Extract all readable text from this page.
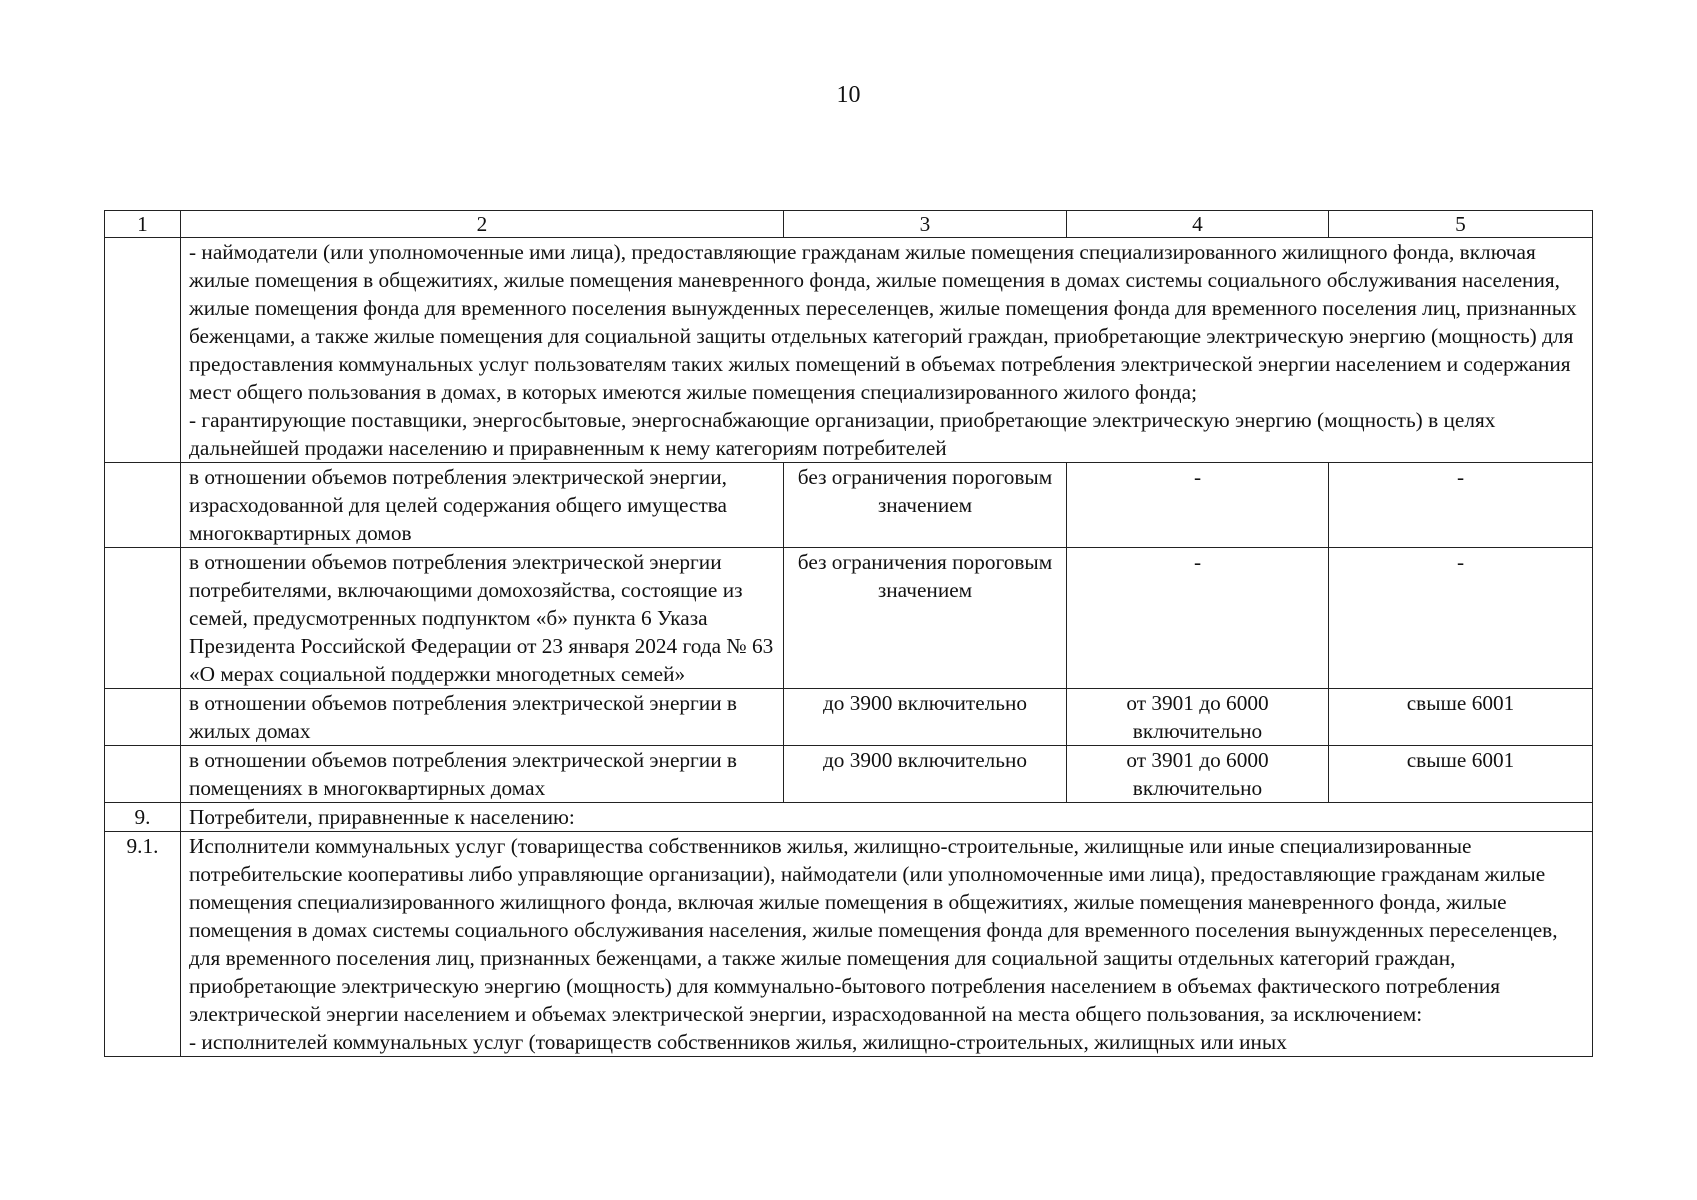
10
1	2	3	4	5

	- наймодатели (или уполномоченные ими лица), предоставляющие гражданам жилые помещения специализированного жилищного фонда, включая жилые помещения в общежитиях, жилые помещения маневренного фонда, жилые помещения в домах системы социального обслуживания населения, жилые помещения фонда для временного поселения вынужденных переселенцев, жилые помещения фонда для временного поселения лиц, признанных беженцами, а также жилые помещения для социальной защиты отдельных категорий граждан, приобретающие электрическую энергию (мощность) для предоставления коммунальных услуг пользователям таких жилых помещений в объемах потребления электрической энергии населением и содержания мест общего пользования в домах, в которых имеются жилые помещения специализированного жилого фонда;
- гарантирующие поставщики, энергосбытовые, энергоснабжающие организации, приобретающие электрическую энергию (мощность) в целях дальнейшей продажи населению и приравненным к нему категориям потребителей			

	в отношении объемов потребления электрической энергии, израсходованной для целей содержания общего имущества многоквартирных домов	без ограничения пороговым значением	-	-
	в отношении объемов потребления электрической энергии потребителями, включающими домохозяйства, состоящие из семей, предусмотренных подпунктом «б» пункта 6 Указа Президента Российской Федерации от 23 января 2024 года № 63 «О мерах социальной поддержки многодетных семей»	без ограничения пороговым значением	-	-
	в отношении объемов потребления электрической энергии в жилых домах	до 3900 включительно	от 3901 до 6000 включительно	свыше 6001
	в отношении объемов потребления электрической энергии в помещениях в многоквартирных домах	до 3900 включительно	от 3901 до 6000 включительно	свыше 6001
9.	Потребители, приравненные к населению:			
9.1.	Исполнители коммунальных услуг (товарищества собственников жилья, жилищно-строительные, жилищные или иные специализированные потребительские кооперативы либо управляющие организации), наймодатели (или уполномоченные ими лица), предоставляющие гражданам жилые помещения специализированного жилищного фонда, включая жилые помещения в общежитиях, жилые помещения маневренного фонда, жилые помещения в домах системы социального обслуживания населения, жилые помещения фонда для временного поселения вынужденных переселенцев, для временного поселения лиц, признанных беженцами, а также жилые помещения для социальной защиты отдельных категорий граждан, приобретающие электрическую энергию (мощность) для коммунально-бытового потребления населением в объемах фактического потребления электрической энергии населением и объемах электрической энергии, израсходованной на места общего пользования, за исключением:
- исполнителей коммунальных услуг (товариществ собственников жилья, жилищно-строительных, жилищных или иных			
